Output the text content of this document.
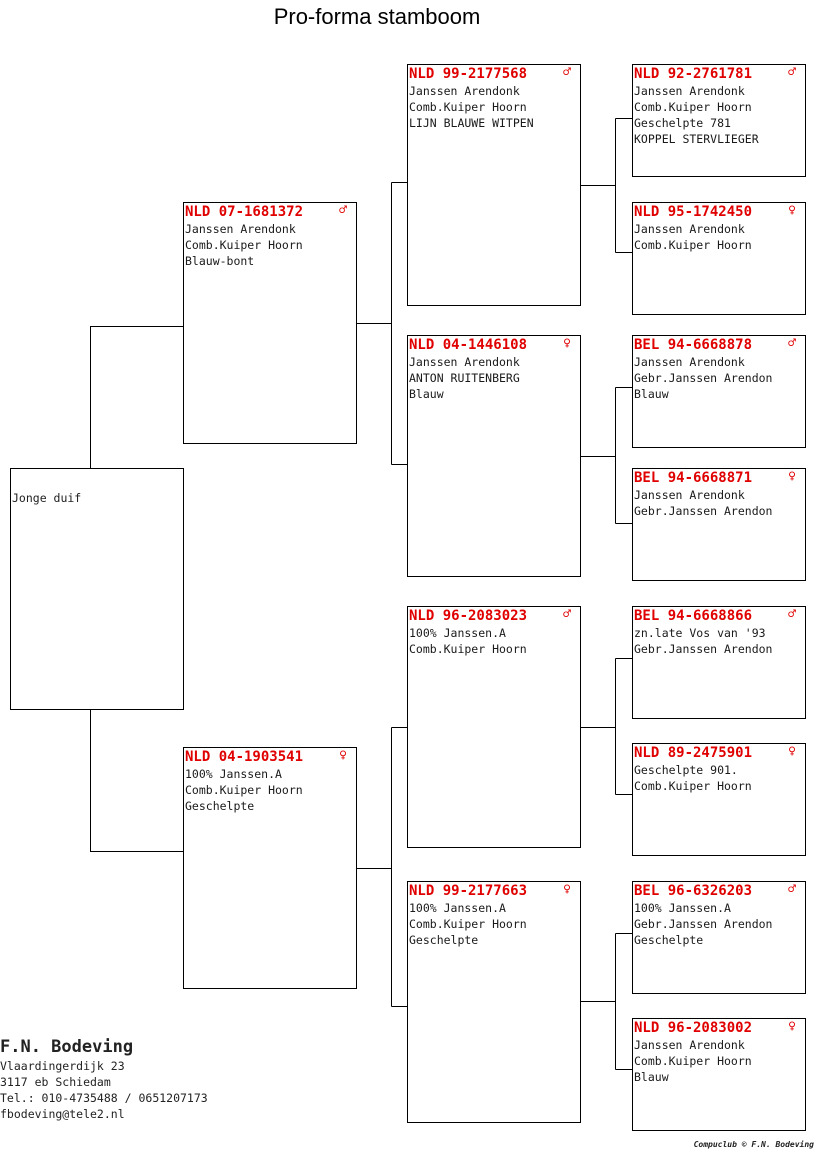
Pro-forma stamboom
Jonge duif
NLD 07-1681372	♂
Janssen Arendonk
Comb.Kuiper Hoorn
Blauw-bont
NLD 04-1903541	♀
100% Janssen.A
Comb.Kuiper Hoorn
Geschelpte
NLD 99-2177568	♂
Janssen Arendonk
Comb.Kuiper Hoorn
LIJN BLAUWE WITPEN
NLD 04-1446108	♀
Janssen Arendonk
ANTON RUITENBERG
Blauw
NLD 96-2083023	♂
100% Janssen.A
Comb.Kuiper Hoorn
NLD 99-2177663	♀
100% Janssen.A
Comb.Kuiper Hoorn
Geschelpte
NLD 92-2761781	♂
Janssen Arendonk
Comb.Kuiper Hoorn
Geschelpte 781
KOPPEL STERVLIEGER
NLD 95-1742450	♀
Janssen Arendonk
Comb.Kuiper Hoorn
BEL 94-6668878	♂
Janssen Arendonk
Gebr.Janssen Arendon
Blauw
BEL 94-6668871	♀
Janssen Arendonk
Gebr.Janssen Arendon
BEL 94-6668866	♂
zn.late Vos van '93
Gebr.Janssen Arendon
NLD 89-2475901	♀
Geschelpte 901.
Comb.Kuiper Hoorn
BEL 96-6326203	♂
100% Janssen.A
Gebr.Janssen Arendon
Geschelpte
NLD 96-2083002	♀
Janssen Arendonk
Comb.Kuiper Hoorn
Blauw
F.N. Bodeving
Vlaardingerdijk 23
3117 eb Schiedam
Tel.: 010-4735488 / 0651207173
fbodeving@tele2.nl
Compuclub © F.N. Bodeving
